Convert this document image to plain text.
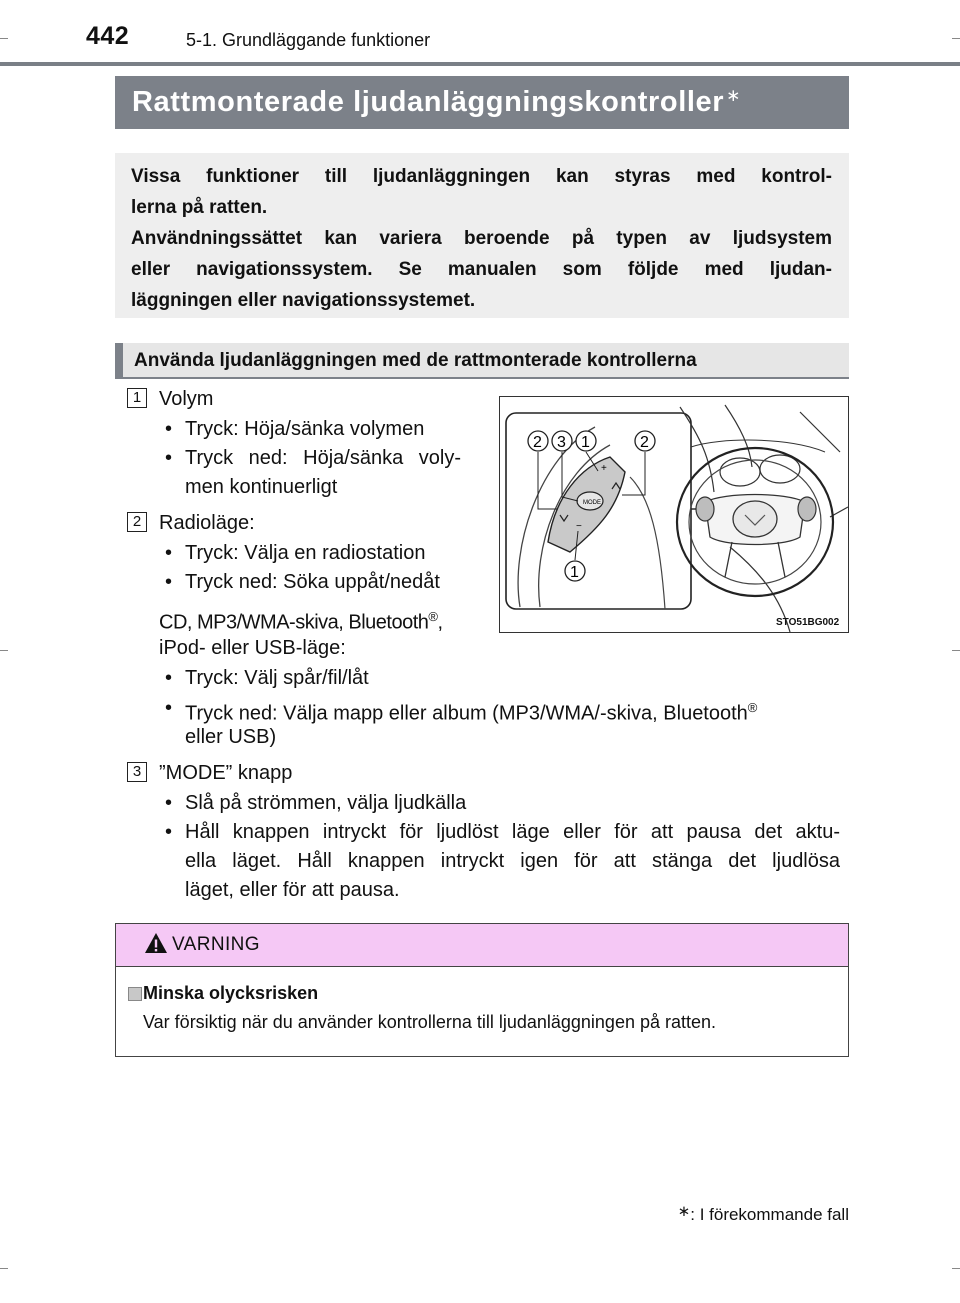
442	5-1. Grundläggande funktioner
Rattmonterade ljudanläggningskontroller ∗
Vissa funktioner till ljudanläggningen kan styras med kontrol-
lerna på ratten.
Användningssättet kan variera beroende på typen av ljudsystem
eller navigationssystem. Se manualen som följde med ljudan-
läggningen eller navigationssystemet.
Använda ljudanläggningen med de rattmonterade kontrollerna
1 Volym
• Tryck: Höja/sänka volymen
• Tryck ned: Höja/sänka voly-
men kontinuerligt
2 Radioläge:
• Tryck: Välja en radiostation
• Tryck ned: Söka uppåt/nedåt
CD, MP3/WMA-skiva, Bluetooth®,
iPod- eller USB-läge:
• Tryck: Välj spår/fil/låt
• Tryck ned: Välja mapp eller album (MP3/WMA/-skiva, Bluetooth®
eller USB)
3 ”MODE” knapp
• Slå på strömmen, välja ljudkälla
• Håll knappen intryckt för ljudlöst läge eller för att pausa det aktu-
ella läget. Håll knappen intryckt igen för att stänga det ljudlösa
läget, eller för att pausa.
MODE
+
−
2 3 1	2
1
STO51BG002
VARNING
Minska olycksrisken
Var försiktig när du använder kontrollerna till ljudanläggningen på ratten.
∗: I förekommande fall
